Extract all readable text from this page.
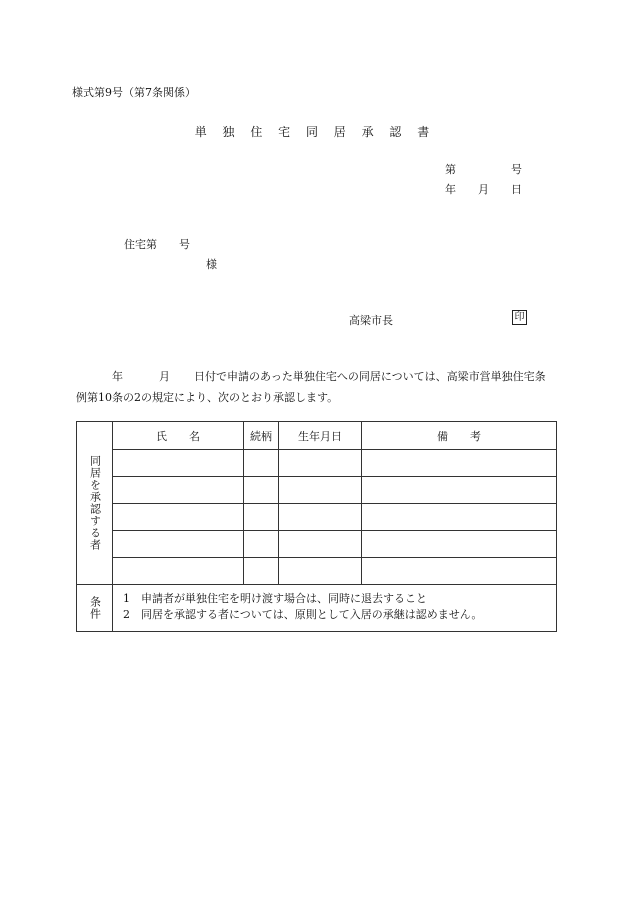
様式第9号（第7条関係）
単 独 住 宅 同 居 承 認 書
第　　　　　号
年　　月　　日
住宅第　　号
様
高梁市長	印
年	月 日付で申請のあった単独住宅への同居については、高梁市営単独住宅条例第10条の2の規定により、次のとおり承認します。
同居を承認する者	氏　　名	続柄	生年月日	備　　考

条件	1　申請者が単独住宅を明け渡す場合は、同時に退去すること
2　同居を承認する者については、原則として入居の承継は認めません。			
